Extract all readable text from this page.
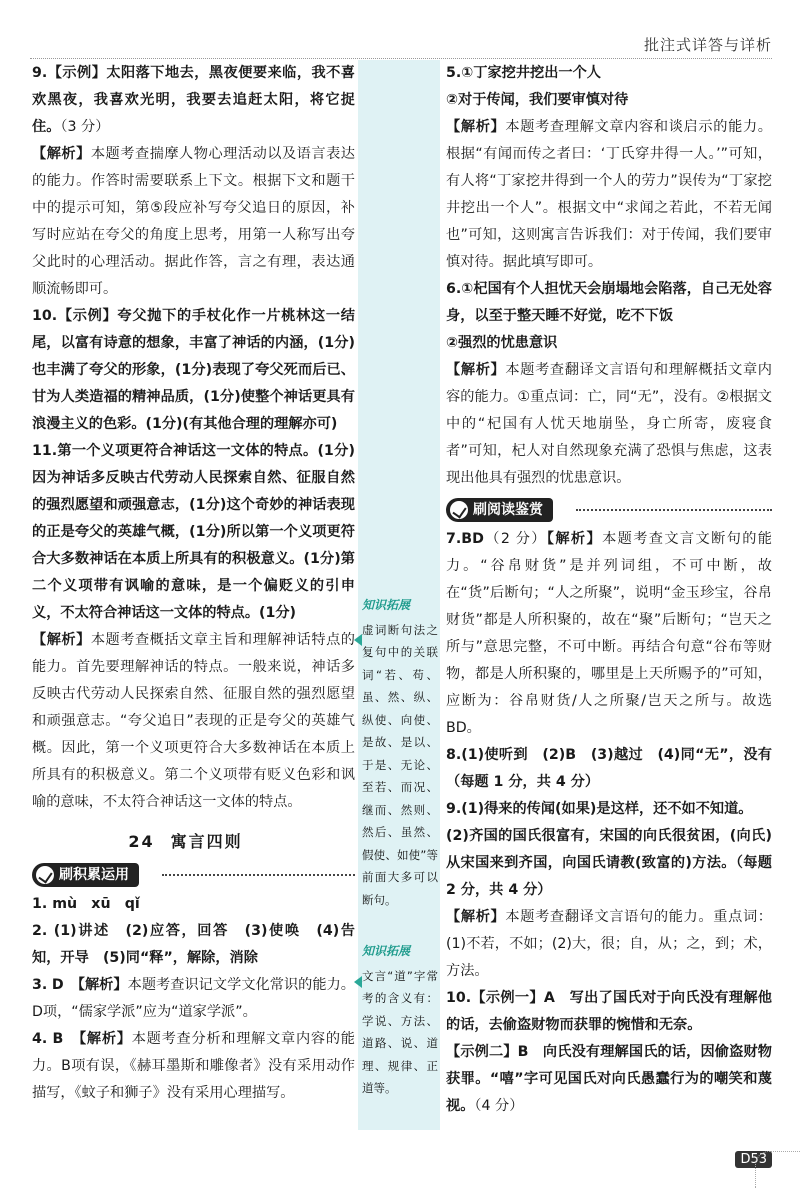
批注式详答与详析

9.【示例】太阳落下地去，黑夜便要来临，我不喜欢黑夜，我喜欢光明，我要去追赶太阳，将它捉住。（3 分）

【解析】本题考查揣摩人物心理活动以及语言表达的能力。作答时需要联系上下文。根据下文和题干中的提示可知，第⑤段应补写夸父追日的原因，补写时应站在夸父的角度上思考，用第一人称写出夸父此时的心理活动。据此作答，言之有理，表达通顺流畅即可。

10.【示例】夸父抛下的手杖化作一片桃林这一结尾，以富有诗意的想象，丰富了神话的内涵，(1分)也丰满了夸父的形象，(1分)表现了夸父死而后已、甘为人类造福的精神品质，(1分)使整个神话更具有浪漫主义的色彩。(1分)(有其他合理的理解亦可)

11.第一个义项更符合神话这一文体的特点。(1分)因为神话多反映古代劳动人民探索自然、征服自然的强烈愿望和顽强意志，(1分)这个奇妙的神话表现的正是夸父的英雄气概，(1分)所以第一个义项更符合大多数神话在本质上所具有的积极意义。(1分)第二个义项带有讽喻的意味，是一个偏贬义的引申义，不太符合神话这一文体的特点。(1分)

【解析】本题考查概括文章主旨和理解神话特点的能力。首先要理解神话的特点。一般来说，神话多反映古代劳动人民探索自然、征服自然的强烈愿望和顽强意志。“夸父追日”表现的正是夸父的英雄气概。因此，第一个义项更符合大多数神话在本质上所具有的积极意义。第二个义项带有贬义色彩和讽喻的意味，不太符合神话这一文体的特点。

24 寓言四则
刷积累运用

1. mù　xū　qǐ

2. (1)讲述　(2)应答，回答　(3)使唤　(4)告知，开导　(5)同“释”，解除，消除

3. D　 【解析】本题考查识记文学文化常识的能力。D项，“儒家学派”应为“道家学派”。

4. B　 【解析】本题考查分析和理解文章内容的能力。B项有误，《赫耳墨斯和雕像者》没有采用动作描写，《蚊子和狮子》没有采用心理描写。

知识拓展
虚词断句法之复句中的关联词“若、苟、虽、然、纵、纵使、向使、是故、是以、于是、无论、至若、而况、继而、然则、然后、虽然、假使、如使”等前面大多可以断句。
知识拓展
文言“道”字常考的含义有：学说、方法、道路、说、道理、规律、正道等。

5.①丁家挖井挖出一个人
②对于传闻，我们要审慎对待

【解析】本题考查理解文章内容和谈启示的能力。根据“有闻而传之者曰：‘丁氏穿井得一人。’”可知，有人将“丁家挖井得到一个人的劳力”误传为“丁家挖井挖出一个人”。根据文中“求闻之若此，不若无闻也”可知，这则寓言告诉我们：对于传闻，我们要审慎对待。据此填写即可。

6.①杞国有个人担忧天会崩塌地会陷落，自己无处容身，以至于整天睡不好觉，吃不下饭
②强烈的忧患意识

【解析】本题考查翻译文言语句和理解概括文章内容的能力。①重点词：亡，同“无”，没有。②根据文中的“杞国有人忧天地崩坠，身亡所寄，废寝食者”可知，杞人对自然现象充满了恐惧与焦虑，这表现出他具有强烈的忧患意识。

刷阅读鉴赏

7.BD（2 分）【解析】本题考查文言文断句的能力。“谷帛财货”是并列词组，不可中断，故在“货”后断句；“人之所聚”，说明“金玉珍宝，谷帛财货”都是人所积聚的，故在“聚”后断句；“岂天之所与”意思完整，不可中断。再结合句意“谷布等财物，都是人所积聚的，哪里是上天所赐予的”可知，应断为：谷帛财货/人之所聚/岂天之所与。故选 BD。

8.(1)使听到　(2)B　(3)越过　(4)同“无”，没有（每题 1 分，共 4 分）

9.(1)得来的传闻(如果)是这样，还不如不知道。
(2)齐国的国氏很富有，宋国的向氏很贫困，(向氏)从宋国来到齐国，向国氏请教(致富的)方法。（每题 2 分，共 4 分）

【解析】本题考查翻译文言语句的能力。重点词：(1)不若，不如；(2)大，很；自，从；之，到；术，方法。

10.【示例一】A　 写出了国氏对于向氏没有理解他的话，去偷盗财物而获罪的惋惜和无奈。
【示例二】B　 向氏没有理解国氏的话，因偷盗财物获罪。“嘻”字可见国氏对向氏愚蠢行为的嘲笑和蔑视。（4 分）

D53
